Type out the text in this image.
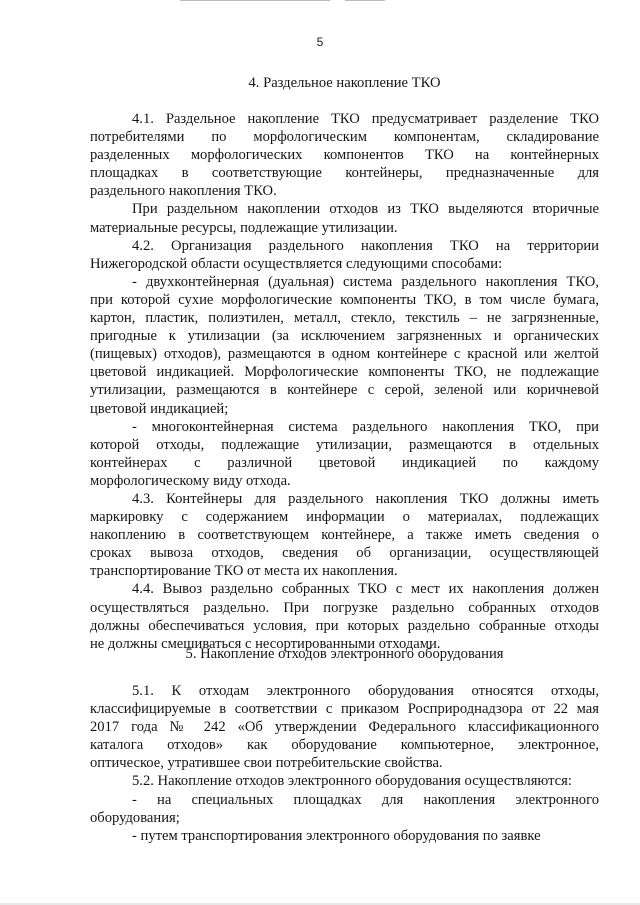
5
4. Раздельное накопление ТКО
4.1. Раздельное накопление ТКО предусматривает разделение ТКО
потребителями по морфологическим компонентам, складирование
разделенных морфологических компонентов ТКО на контейнерных
площадках в соответствующие контейнеры, предназначенные для
раздельного накопления ТКО.
При раздельном накоплении отходов из ТКО выделяются вторичные
материальные ресурсы, подлежащие утилизации.
4.2. Организация раздельного накопления ТКО на территории
Нижегородской области осуществляется следующими способами:
- двухконтейнерная (дуальная) система раздельного накопления ТКО,
при которой сухие морфологические компоненты ТКО, в том числе бумага,
картон, пластик, полиэтилен, металл, стекло, текстиль – не загрязненные,
пригодные к утилизации (за исключением загрязненных и органических
(пищевых) отходов), размещаются в одном контейнере с красной или желтой
цветовой индикацией. Морфологические компоненты ТКО, не подлежащие
утилизации, размещаются в контейнере с серой, зеленой или коричневой
цветовой индикацией;
- многоконтейнерная система раздельного накопления ТКО, при
которой отходы, подлежащие утилизации, размещаются в отдельных
контейнерах с различной цветовой индикацией по каждому
морфологическому виду отхода.
4.3. Контейнеры для раздельного накопления ТКО должны иметь
маркировку с содержанием информации о материалах, подлежащих
накоплению в соответствующем контейнере, а также иметь сведения о
сроках вывоза отходов, сведения об организации, осуществляющей
транспортирование ТКО от места их накопления.
4.4. Вывоз раздельно собранных ТКО с мест их накопления должен
осуществляться раздельно. При погрузке раздельно собранных отходов
должны обеспечиваться условия, при которых раздельно собранные отходы
не должны смешиваться с несортированными отходами.
5. Накопление отходов электронного оборудования
5.1. К отходам электронного оборудования относятся отходы,
классифицируемые в соответствии с приказом Росприроднадзора от 22 мая
2017 года № 242 «Об утверждении Федерального классификационного
каталога отходов» как оборудование компьютерное, электронное,
оптическое, утратившее свои потребительские свойства.
5.2. Накопление отходов электронного оборудования осуществляются:
- на специальных площадках для накопления электронного
оборудования;
- путем транспортирования электронного оборудования по заявке
